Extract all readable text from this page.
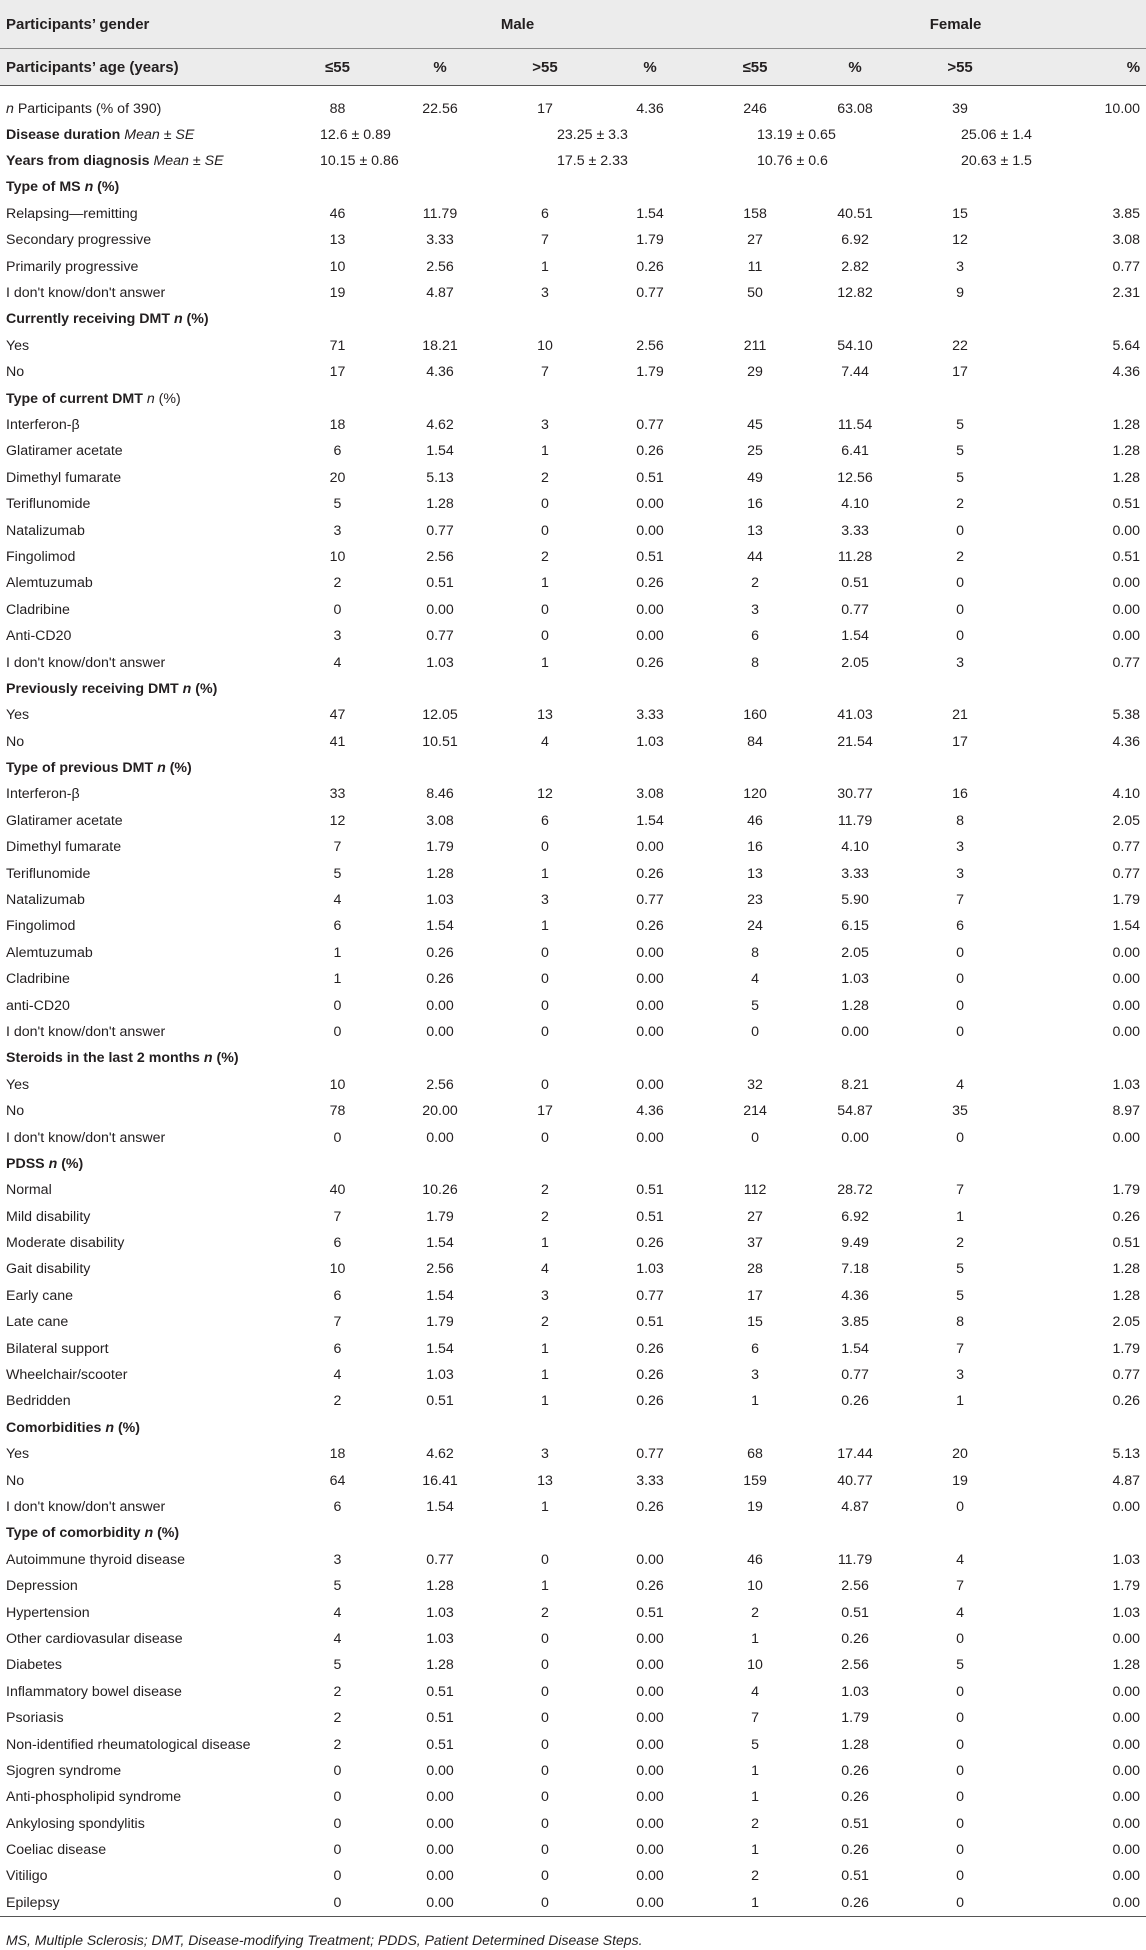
Participants’ gender	Male				Female			
Participants’ age (years)	≤55	%	>55	%	≤55	%	>55	%
n Participants (% of 390)	88	22.56	17	4.36	246	63.08	39	10.00
Disease duration Mean ± SE	12.6 ± 0.89		23.25 ± 3.3		13.19 ± 0.65		25.06 ± 1.4	
Years from diagnosis Mean ± SE	10.15 ± 0.86		17.5 ± 2.33		10.76 ± 0.6		20.63 ± 1.5	
Type of MS n (%)								
Relapsing—remitting	46	11.79	6	1.54	158	40.51	15	3.85
Secondary progressive	13	3.33	7	1.79	27	6.92	12	3.08
Primarily progressive	10	2.56	1	0.26	11	2.82	3	0.77
I don't know/don't answer	19	4.87	3	0.77	50	12.82	9	2.31
Currently receiving DMT n (%)								
Yes	71	18.21	10	2.56	211	54.10	22	5.64
No	17	4.36	7	1.79	29	7.44	17	4.36
Type of current DMT n (%)								
Interferon-β	18	4.62	3	0.77	45	11.54	5	1.28
Glatiramer acetate	6	1.54	1	0.26	25	6.41	5	1.28
Dimethyl fumarate	20	5.13	2	0.51	49	12.56	5	1.28
Teriflunomide	5	1.28	0	0.00	16	4.10	2	0.51
Natalizumab	3	0.77	0	0.00	13	3.33	0	0.00
Fingolimod	10	2.56	2	0.51	44	11.28	2	0.51
Alemtuzumab	2	0.51	1	0.26	2	0.51	0	0.00
Cladribine	0	0.00	0	0.00	3	0.77	0	0.00
Anti-CD20	3	0.77	0	0.00	6	1.54	0	0.00
I don't know/don't answer	4	1.03	1	0.26	8	2.05	3	0.77
Previously receiving DMT n (%)								
Yes	47	12.05	13	3.33	160	41.03	21	5.38
No	41	10.51	4	1.03	84	21.54	17	4.36
Type of previous DMT n (%)								
Interferon-β	33	8.46	12	3.08	120	30.77	16	4.10
Glatiramer acetate	12	3.08	6	1.54	46	11.79	8	2.05
Dimethyl fumarate	7	1.79	0	0.00	16	4.10	3	0.77
Teriflunomide	5	1.28	1	0.26	13	3.33	3	0.77
Natalizumab	4	1.03	3	0.77	23	5.90	7	1.79
Fingolimod	6	1.54	1	0.26	24	6.15	6	1.54
Alemtuzumab	1	0.26	0	0.00	8	2.05	0	0.00
Cladribine	1	0.26	0	0.00	4	1.03	0	0.00
anti-CD20	0	0.00	0	0.00	5	1.28	0	0.00
I don't know/don't answer	0	0.00	0	0.00	0	0.00	0	0.00
Steroids in the last 2 months n (%)								
Yes	10	2.56	0	0.00	32	8.21	4	1.03
No	78	20.00	17	4.36	214	54.87	35	8.97
I don't know/don't answer	0	0.00	0	0.00	0	0.00	0	0.00
PDSS n (%)								
Normal	40	10.26	2	0.51	112	28.72	7	1.79
Mild disability	7	1.79	2	0.51	27	6.92	1	0.26
Moderate disability	6	1.54	1	0.26	37	9.49	2	0.51
Gait disability	10	2.56	4	1.03	28	7.18	5	1.28
Early cane	6	1.54	3	0.77	17	4.36	5	1.28
Late cane	7	1.79	2	0.51	15	3.85	8	2.05
Bilateral support	6	1.54	1	0.26	6	1.54	7	1.79
Wheelchair/scooter	4	1.03	1	0.26	3	0.77	3	0.77
Bedridden	2	0.51	1	0.26	1	0.26	1	0.26
Comorbidities n (%)								
Yes	18	4.62	3	0.77	68	17.44	20	5.13
No	64	16.41	13	3.33	159	40.77	19	4.87
I don't know/don't answer	6	1.54	1	0.26	19	4.87	0	0.00
Type of comorbidity n (%)								
Autoimmune thyroid disease	3	0.77	0	0.00	46	11.79	4	1.03
Depression	5	1.28	1	0.26	10	2.56	7	1.79
Hypertension	4	1.03	2	0.51	2	0.51	4	1.03
Other cardiovasular disease	4	1.03	0	0.00	1	0.26	0	0.00
Diabetes	5	1.28	0	0.00	10	2.56	5	1.28
Inflammatory bowel disease	2	0.51	0	0.00	4	1.03	0	0.00
Psoriasis	2	0.51	0	0.00	7	1.79	0	0.00
Non-identified rheumatological disease	2	0.51	0	0.00	5	1.28	0	0.00
Sjogren syndrome	0	0.00	0	0.00	1	0.26	0	0.00
Anti-phospholipid syndrome	0	0.00	0	0.00	1	0.26	0	0.00
Ankylosing spondylitis	0	0.00	0	0.00	2	0.51	0	0.00
Coeliac disease	0	0.00	0	0.00	1	0.26	0	0.00
Vitiligo	0	0.00	0	0.00	2	0.51	0	0.00
Epilepsy	0	0.00	0	0.00	1	0.26	0	0.00
MS, Multiple Sclerosis; DMT, Disease-modifying Treatment; PDDS, Patient Determined Disease Steps.
